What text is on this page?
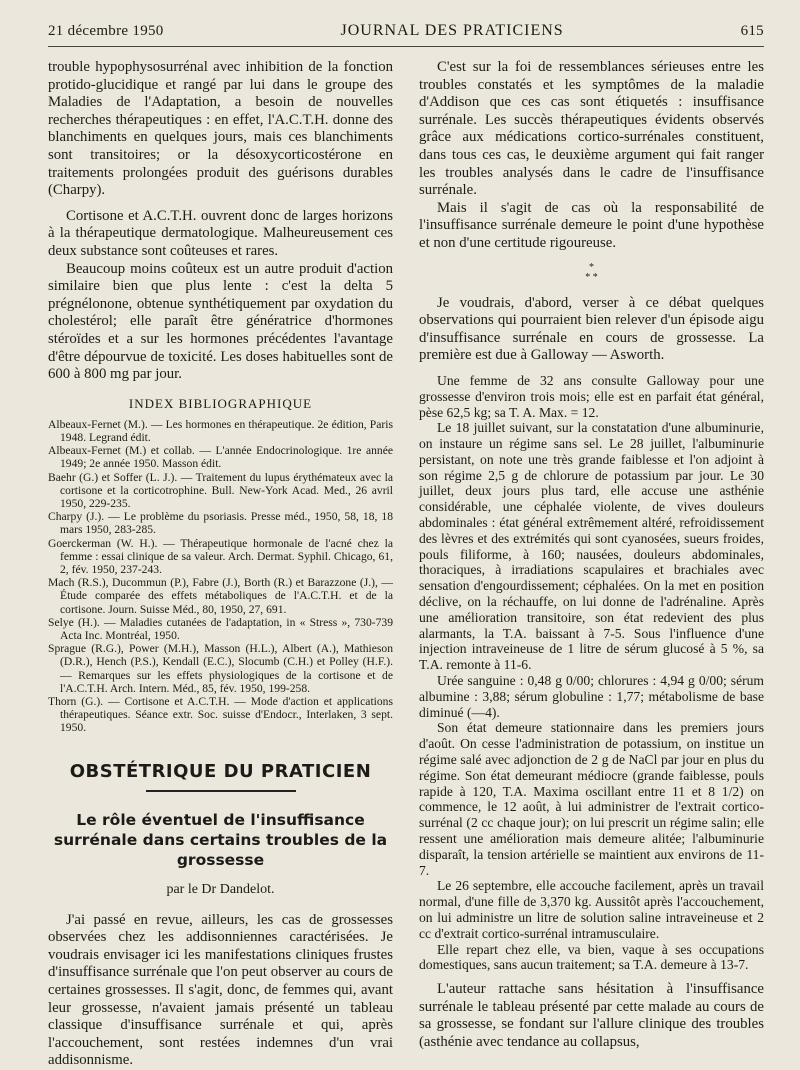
21 décembre 1950	JOURNAL DES PRATICIENS	615

trouble hypophysosurrénal avec inhibition de la fonction protido-glucidique et rangé par lui dans le groupe des Maladies de l'Adaptation, a besoin de nouvelles recherches thérapeutiques : en effet, l'A.C.T.H. donne des blanchiments en quelques jours, mais ces blanchiments sont transitoires; or la désoxycorticostérone en traitements prolongées produit des guérisons durables (Charpy).

Cortisone et A.C.T.H. ouvrent donc de larges horizons à la thérapeutique dermatologique. Malheureusement ces deux substance sont coûteuses et rares.

Beaucoup moins coûteux est un autre produit d'action similaire bien que plus lente : c'est la delta 5 prégnélonone, obtenue synthétiquement par oxydation du cholestérol; elle paraît être génératrice d'hormones stéroïdes et a sur les hormones précédentes l'avantage d'être dépourvue de toxicité. Les doses habituelles sont de 600 à 800 mg par jour.

INDEX BIBLIOGRAPHIQUE

Albeaux-Fernet (M.). — Les hormones en thérapeutique. 2e édition, Paris 1948. Legrand édit.

Albeaux-Fernet (M.) et collab. — L'année Endocrinologique. 1re année 1949; 2e année 1950. Masson édit.

Baehr (G.) et Soffer (L. J.). — Traitement du lupus érythémateux avec la cortisone et la corticotrophine. Bull. New-York Acad. Med., 26 avril 1950, 229-235.

Charpy (J.). — Le problème du psoriasis. Presse méd., 1950, 58, 18, 18 mars 1950, 283-285.

Goerckerman (W. H.). — Thérapeutique hormonale de l'acné chez la femme : essai clinique de sa valeur. Arch. Dermat. Syphil. Chicago, 61, 2, fév. 1950, 237-243.

Mach (R.S.), Ducommun (P.), Fabre (J.), Borth (R.) et Barazzone (J.), — Étude comparée des effets métaboliques de l'A.C.T.H. et de la cortisone. Journ. Suisse Méd., 80, 1950, 27, 691.

Selye (H.). — Maladies cutanées de l'adaptation, in « Stress », 730-739 Acta Inc. Montréal, 1950.

Sprague (R.G.), Power (M.H.), Masson (H.L.), Albert (A.), Mathieson (D.R.), Hench (P.S.), Kendall (E.C.), Slocumb (C.H.) et Polley (H.F.). — Remarques sur les effets physiologiques de la cortisone et de l'A.C.T.H. Arch. Intern. Méd., 85, fév. 1950, 199-258.

Thorn (G.). — Cortisone et A.C.T.H. — Mode d'action et applications thérapeutiques. Séance extr. Soc. suisse d'Endocr., Interlaken, 3 sept. 1950.

OBSTÉTRIQUE DU PRATICIEN
Le rôle éventuel de l'insuffisance surrénale dans certains troubles de la grossesse
par le Dr Dandelot.

J'ai passé en revue, ailleurs, les cas de grossesses observées chez les addisonniennes caractérisées. Je voudrais envisager ici les manifestations cliniques frustes d'insuffisance surrénale que l'on peut observer au cours de certaines grossesses. Il s'agit, donc, de femmes qui, avant leur grossesse, n'avaient jamais présenté un tableau classique d'insuffisance surrénale et qui, après l'accouchement, sont restées indemnes d'un vrai addisonnisme.

C'est sur la foi de ressemblances sérieuses entre les troubles constatés et les symptômes de la maladie d'Addison que ces cas sont étiquetés : insuffisance surrénale. Les succès thérapeutiques évidents observés grâce aux médications cortico-surrénales constituent, dans tous ces cas, le deuxième argument qui fait ranger les troubles analysés dans le cadre de l'insuffisance surrénale.

Mais il s'agit de cas où la responsabilité de l'insuffisance surrénale demeure le point d'une hypothèse et non d'une certitude rigoureuse.

*
* *

Je voudrais, d'abord, verser à ce débat quelques observations qui pourraient bien relever d'un épisode aigu d'insuffisance surrénale en cours de grossesse. La première est due à Galloway — Asworth.

Une femme de 32 ans consulte Galloway pour une grossesse d'environ trois mois; elle est en parfait état général, pèse 62,5 kg; sa T. A. Max. = 12.

Le 18 juillet suivant, sur la constatation d'une albuminurie, on instaure un régime sans sel. Le 28 juillet, l'albuminurie persistant, on note une très grande faiblesse et l'on adjoint à son régime 2,5 g de chlorure de potassium par jour. Le 30 juillet, deux jours plus tard, elle accuse une asthénie considérable, une céphalée violente, de vives douleurs abdominales : état général extrêmement altéré, refroidissement des lèvres et des extrémités qui sont cyanosées, sueurs froides, pouls filiforme, à 160; nausées, douleurs abdominales, thoraciques, à irradiations scapulaires et brachiales avec sensation d'engourdissement; céphalées. On la met en position déclive, on la réchauffe, on lui donne de l'adrénaline. Après une amélioration transitoire, son état redevient des plus alarmants, la T.A. baissant à 7-5. Sous l'influence d'une injection intraveineuse de 1 litre de sérum glucosé à 5 %, sa T.A. remonte à 11-6.

Urée sanguine : 0,48 g 0/00; chlorures : 4,94 g 0/00; sérum albumine : 3,88; sérum globuline : 1,77; métabolisme de base diminué (—4).

Son état demeure stationnaire dans les premiers jours d'août. On cesse l'administration de potassium, on institue un régime salé avec adjonction de 2 g de NaCl par jour en plus du régime. Son état demeurant médiocre (grande faiblesse, pouls rapide à 120, T.A. Maxima oscillant entre 11 et 8 1/2) on commence, le 12 août, à lui administrer de l'extrait cortico-surrénal (2 cc chaque jour); on lui prescrit un régime salin; elle ressent une amélioration mais demeure alitée; l'albuminurie disparaît, la tension artérielle se maintient aux environs de 11-7.

Le 26 septembre, elle accouche facilement, après un travail normal, d'une fille de 3,370 kg. Aussitôt après l'accouchement, on lui administre un litre de solution saline intraveineuse et 2 cc d'extrait cortico-surrénal intramusculaire.

Elle repart chez elle, va bien, vaque à ses occupations domestiques, sans aucun traitement; sa T.A. demeure à 13-7.

L'auteur rattache sans hésitation à l'insuffisance surrénale le tableau présenté par cette malade au cours de sa grossesse, se fondant sur l'allure clinique des troubles (asthénie avec tendance au collapsus,
